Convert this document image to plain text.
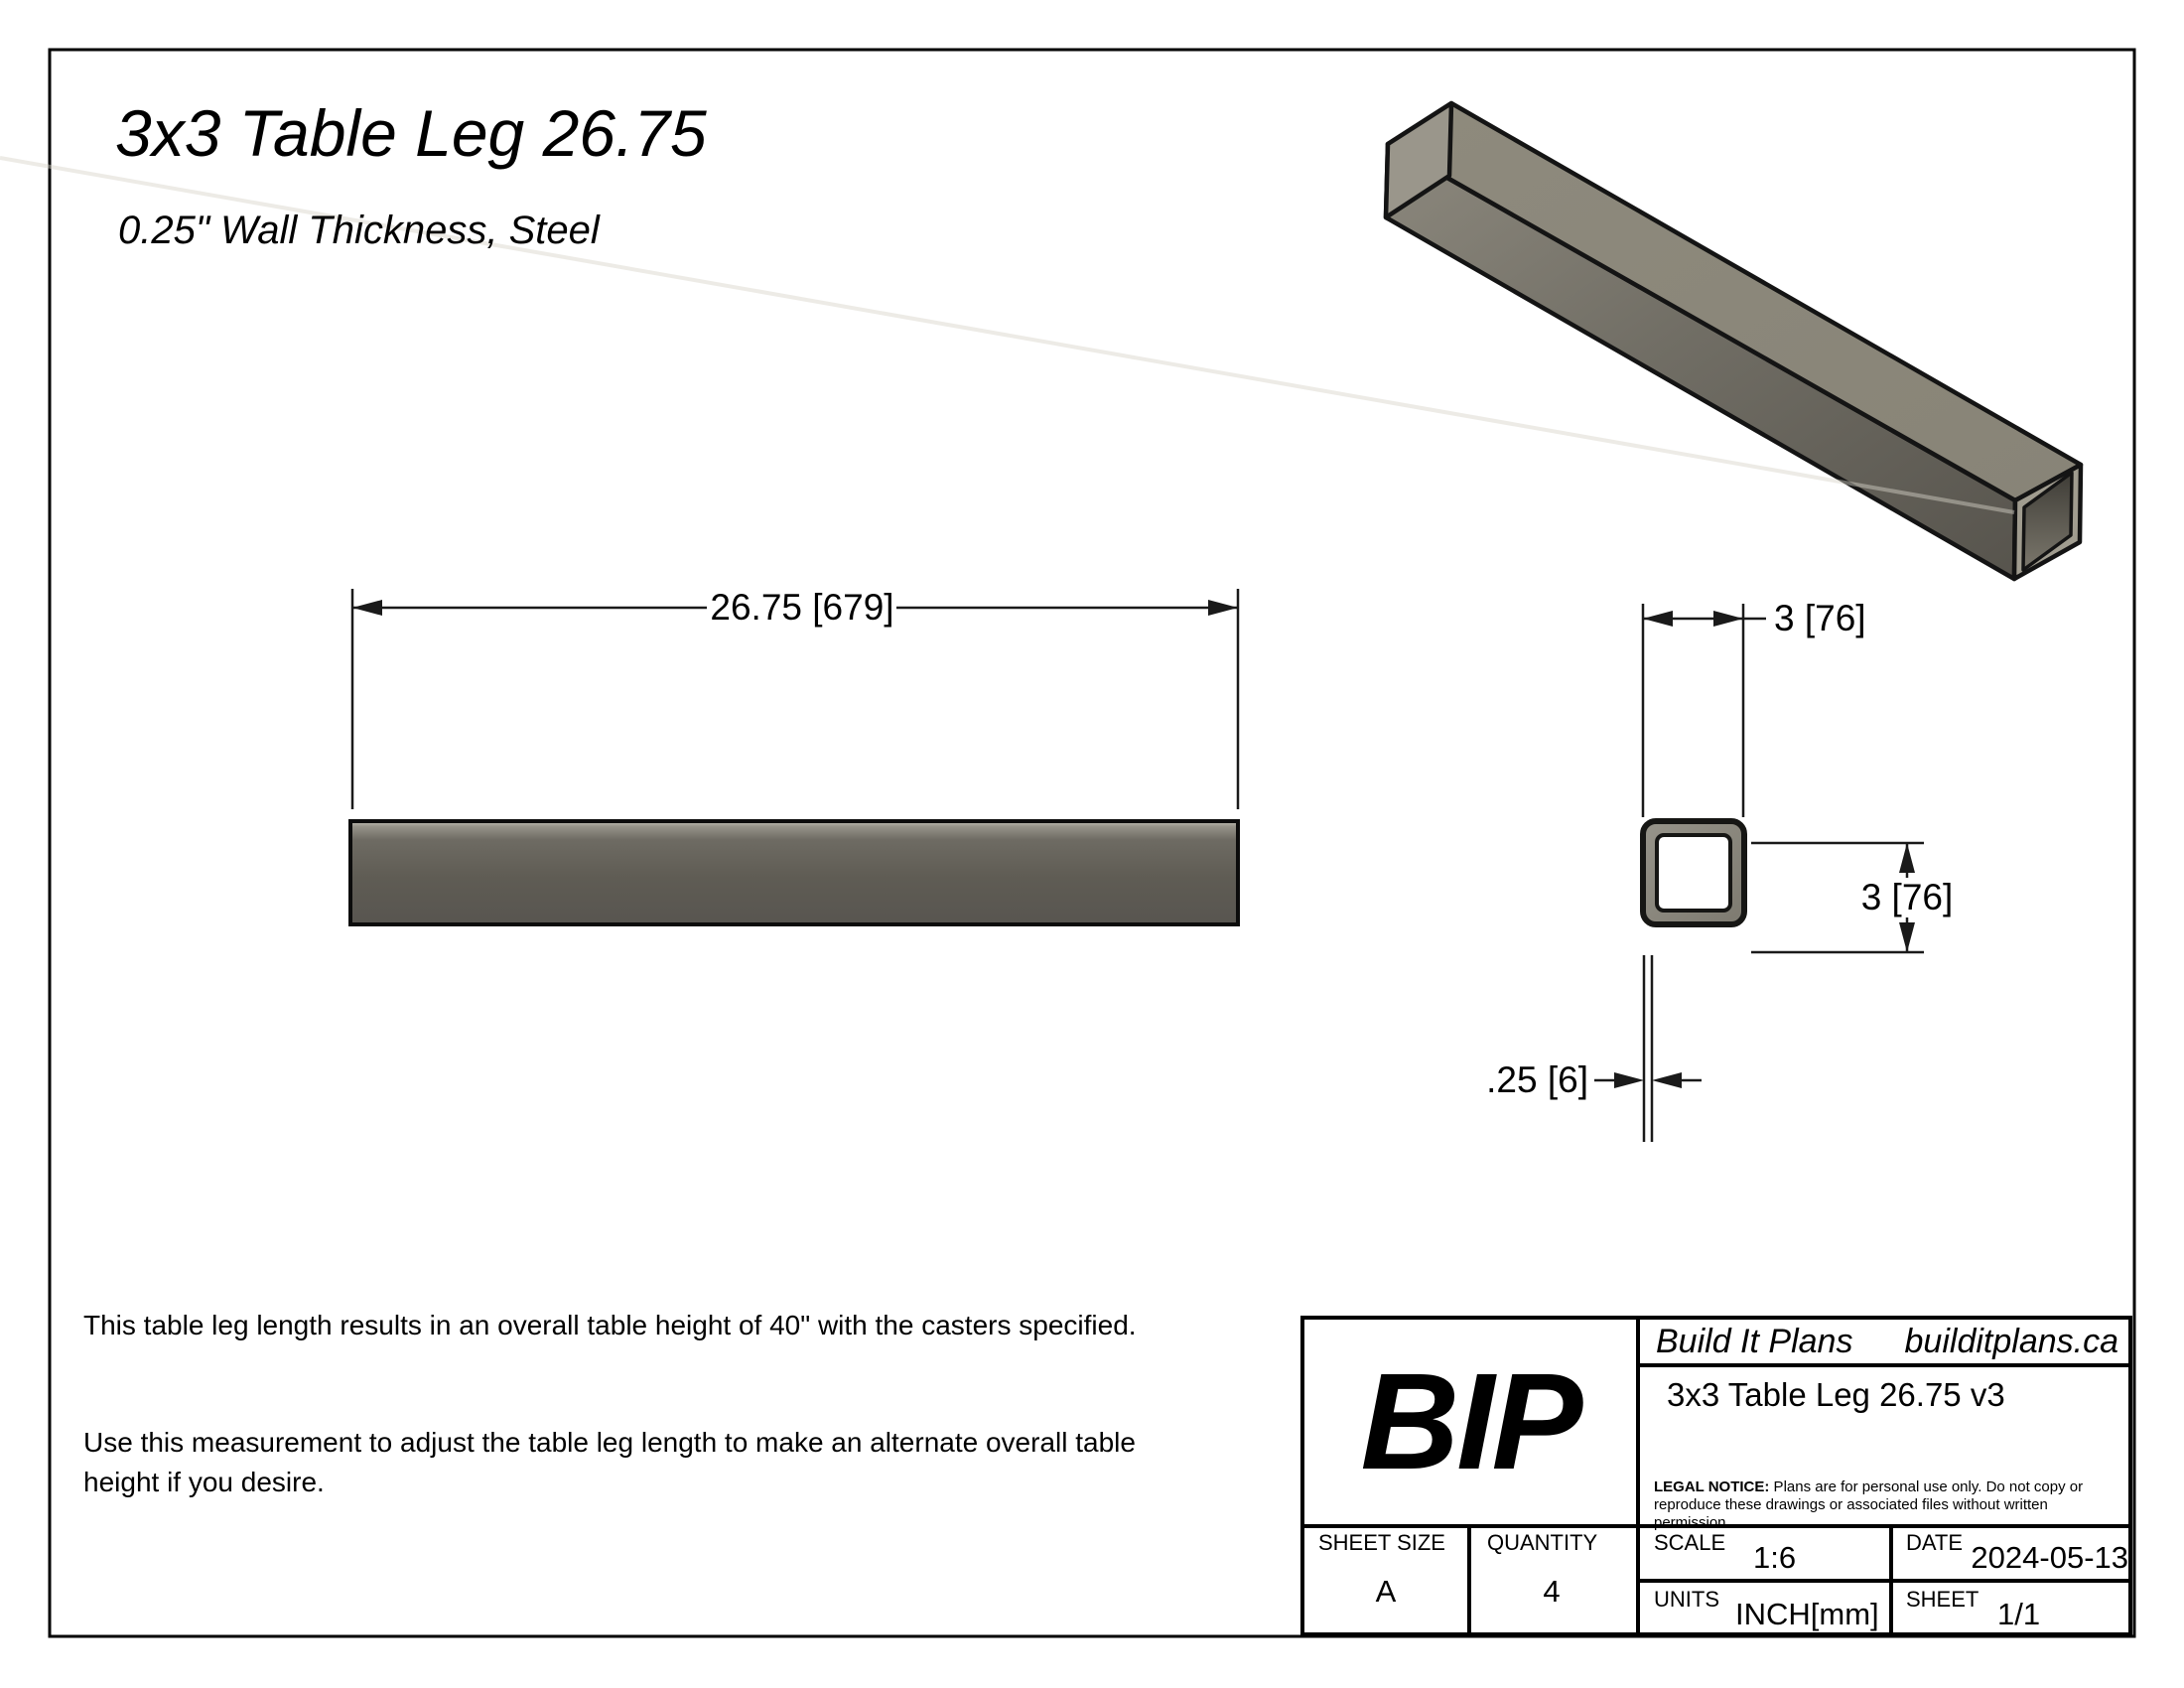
3x3 Table Leg 26.75
0.25" Wall Thickness, Steel
26.75 [679]	3 [76]
3 [76]
.25 [6]
This table leg length results in an overall table height of 40" with the casters specified.
Use this measurement to adjust the table leg length to make an alternate overall table height if you desire.	BIP
Build It Plans builditplans.ca
3x3 Table Leg 26.75 v3
LEGAL NOTICE: Plans are for personal use only. Do not copy or
reproduce these drawings or associated files without written permission.
SHEET SIZE
A
QUANTITY
4
SCALE 1:6	DATE 2024-05-13
UNITS INCH[mm] SHEET 1/1
